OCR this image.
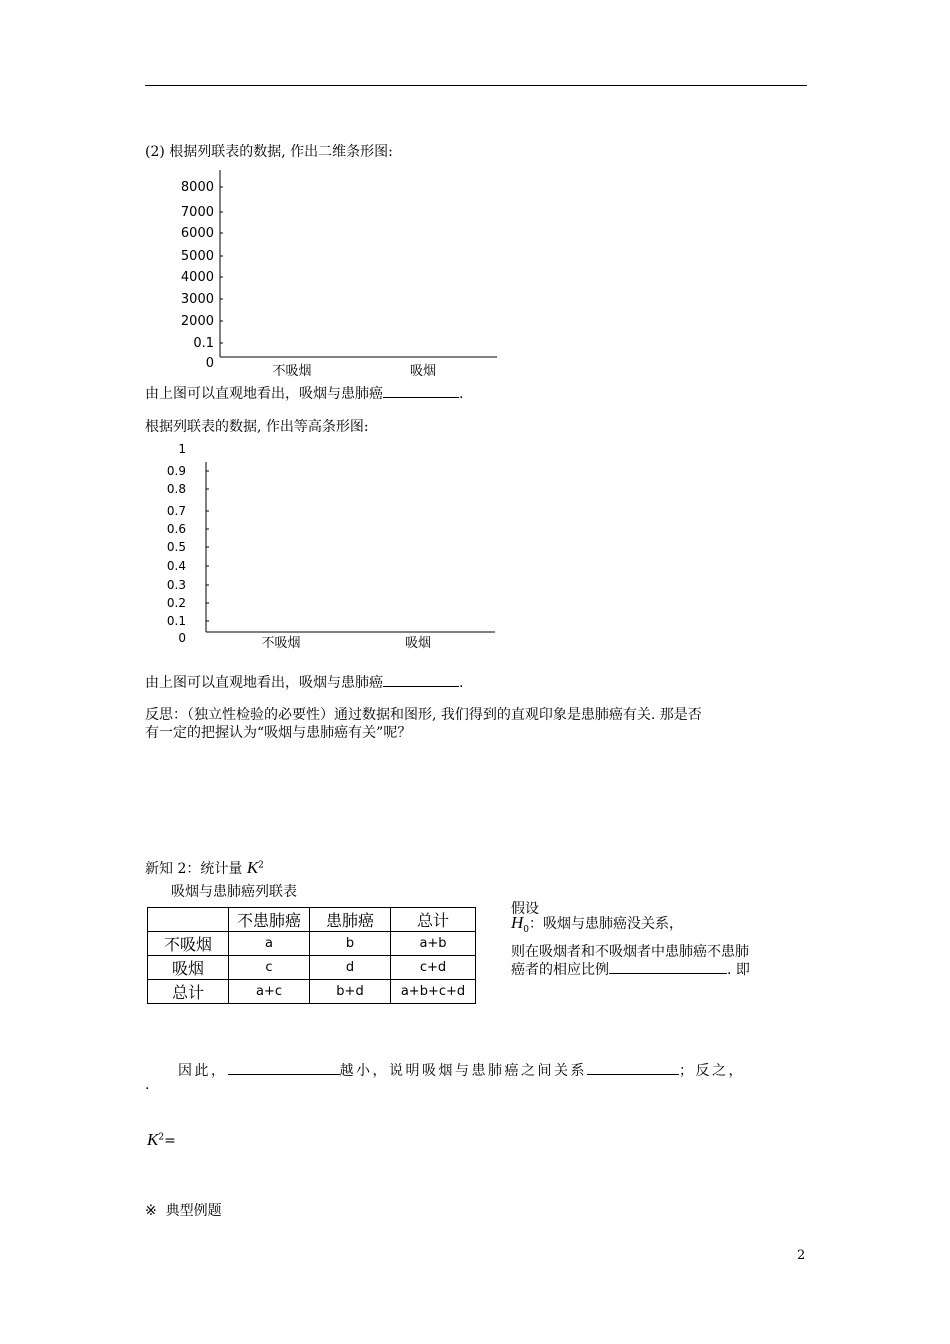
(2) 根据列联表的数据, 作出二维条形图:
8000
7000
6000
5000
4000
3000
2000
0.1
0
不吸烟	吸烟
由上图可以直观地看出，吸烟与患肺癌	.
根据列联表的数据, 作出等高条形图:
1
0.9
0.8
0.7
0.6
0.5
0.4
0.3
0.2
0.1
0	不吸烟	吸烟
由上图可以直观地看出，吸烟与患肺癌	.
反思：（独立性检验的必要性）通过数据和图形, 我们得到的直观印象是患肺癌有关. 那是否
有一定的把握认为“吸烟与患肺癌有关”呢？
新知 2：统计量 $K^2$
吸烟与患肺癌列联表
	不患肺癌	患肺癌	总计
不吸烟	a	b	a+b
吸烟	c	d	c+d
总计	a+c	b+d	a+b+c+d
假设
$H_0$：吸烟与患肺癌没关系，
则在吸烟者和不吸烟者中患肺癌不患肺
癌者的相应比例	. 即
因此，	越小，说明吸烟与患肺癌之间关系	；反之，
.
$K^2=$
※ 典型例题
2
